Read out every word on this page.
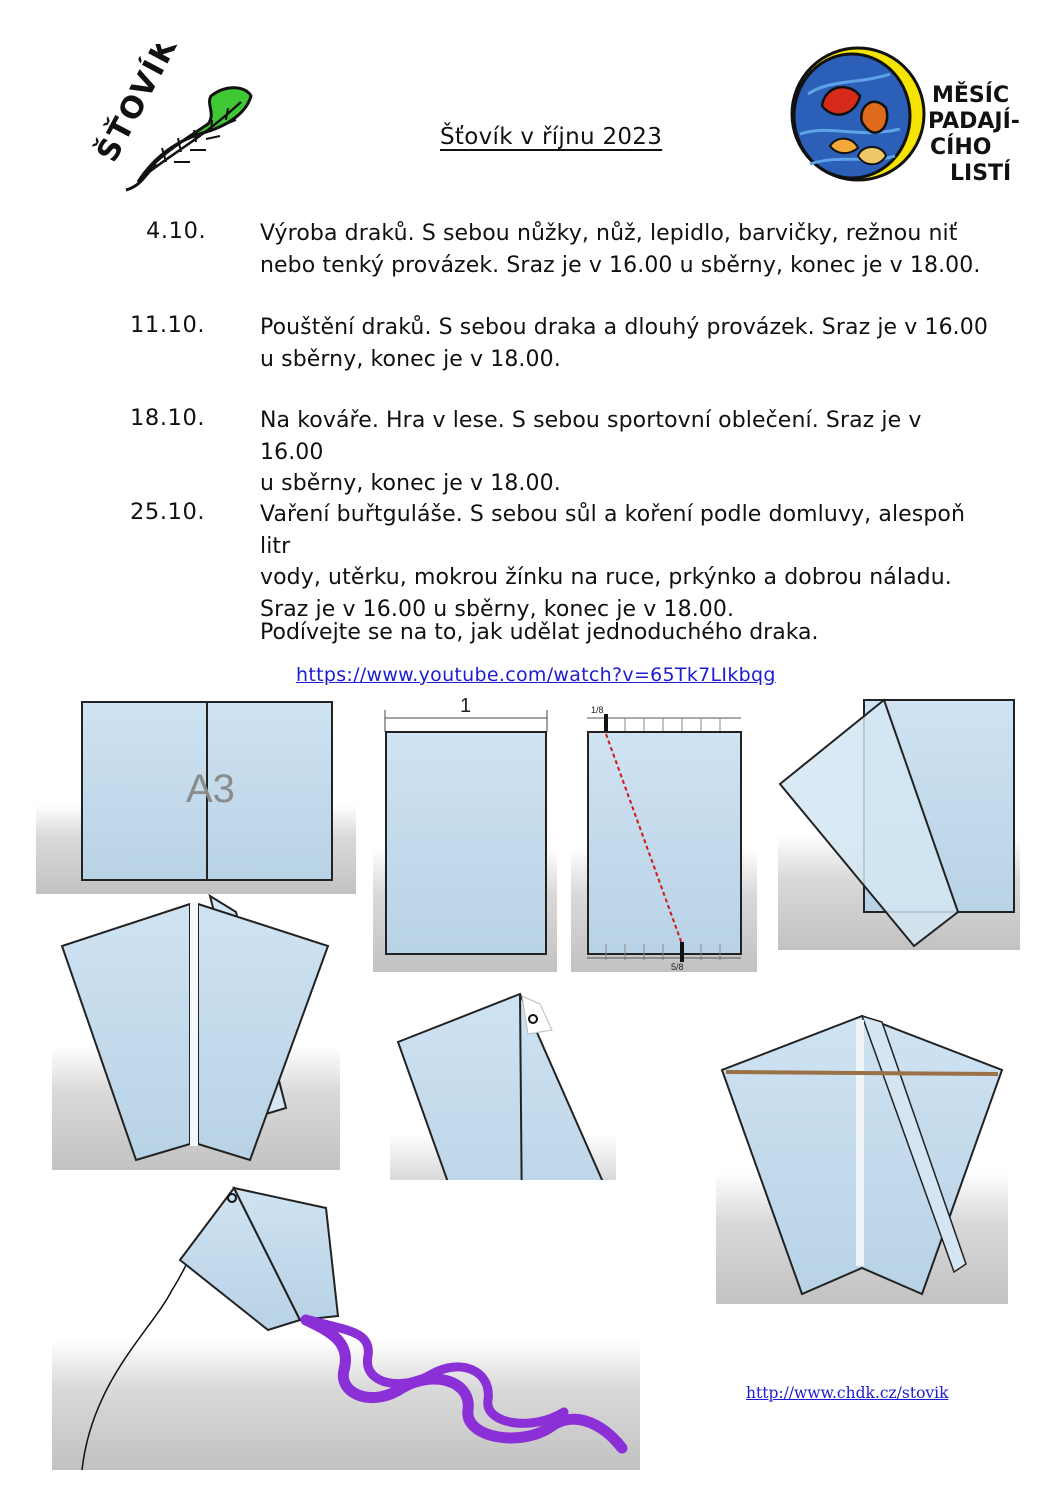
ŠŤOVÍK	Šťovík v říjnu 2023
MĚSÍC
PADAJÍ-
CÍHO
LISTÍ
4.10. Výroba draků. S sebou nůžky, nůž, lepidlo, barvičky, režnou niť
nebo tenký provázek. Sraz je v 16.00 u sběrny, konec je v 18.00.
11.10. Pouštění draků. S sebou draka a dlouhý provázek. Sraz je v 16.00
u sběrny, konec je v 18.00.
18.10. Na kováře. Hra v lese. S sebou sportovní oblečení. Sraz je v 16.00
u sběrny, konec je v 18.00.
25.10. Vaření buřtguláše. S sebou sůl a koření podle domluvy, alespoň litr
vody, utěrku, mokrou žínku na ruce, prkýnko a dobrou náladu.
Sraz je v 16.00 u sběrny, konec je v 18.00.
Podívejte se na to, jak udělat jednoduchého draka.
https://www.youtube.com/watch?v=65Tk7LIkbqg
A3
1	1/8
5/8
http://www.chdk.cz/stovik
